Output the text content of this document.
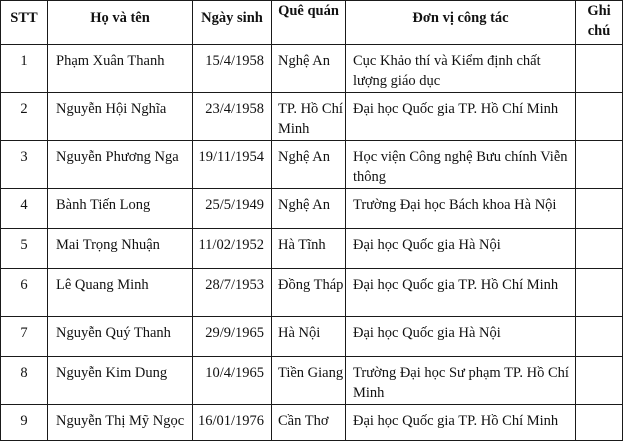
STT	Họ và tên	Ngày sinh	Quê quán	Đơn vị công tác	Ghi chú
1	Phạm Xuân Thanh	15/4/1958	Nghệ An	Cục Khảo thí và Kiểm định chất lượng giáo dục	
2	Nguyễn Hội Nghĩa	23/4/1958	TP. Hồ Chí Minh	Đại học Quốc gia TP. Hồ Chí Minh	
3	Nguyễn Phương Nga	19/11/1954	Nghệ An	Học viện Công nghệ Bưu chính Viễn thông	
4	Bành Tiến Long	25/5/1949	Nghệ An	Trường Đại học Bách khoa Hà Nội	
5	Mai Trọng Nhuận	11/02/1952	Hà Tĩnh	Đại học Quốc gia Hà Nội	
6	Lê Quang Minh	28/7/1953	Đồng Tháp	Đại học Quốc gia TP. Hồ Chí Minh	
7	Nguyễn Quý Thanh	29/9/1965	Hà Nội	Đại học Quốc gia Hà Nội	
8	Nguyễn Kim Dung	10/4/1965	Tiền Giang	Trường Đại học Sư phạm TP. Hồ Chí Minh	
9	Nguyễn Thị Mỹ Ngọc	16/01/1976	Cần Thơ	Đại học Quốc gia TP. Hồ Chí Minh	
